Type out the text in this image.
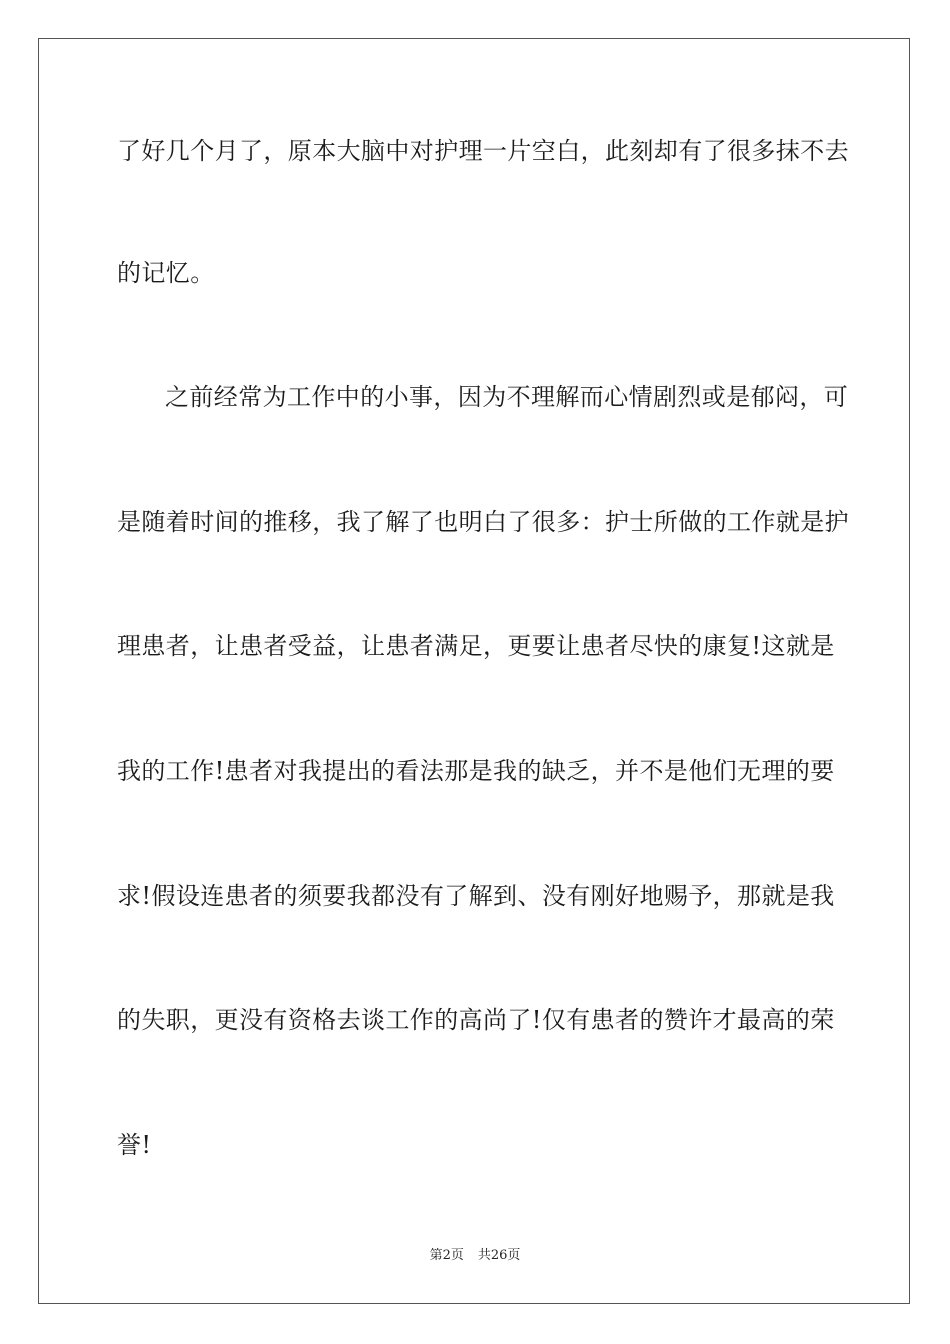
了好几个月了，原本大脑中对护理一片空白，此刻却有了很多抹不去
的记忆。
之前经常为工作中的小事，因为不理解而心情剧烈或是郁闷，可
是随着时间的推移，我了解了也明白了很多：护士所做的工作就是护
理患者，让患者受益，让患者满足，更要让患者尽快的康复!这就是
我的工作!患者对我提出的看法那是我的缺乏，并不是他们无理的要
求!假设连患者的须要我都没有了解到、没有刚好地赐予，那就是我
的失职，更没有资格去谈工作的高尚了!仅有患者的赞许才最高的荣
誉!
第2页 共26页
